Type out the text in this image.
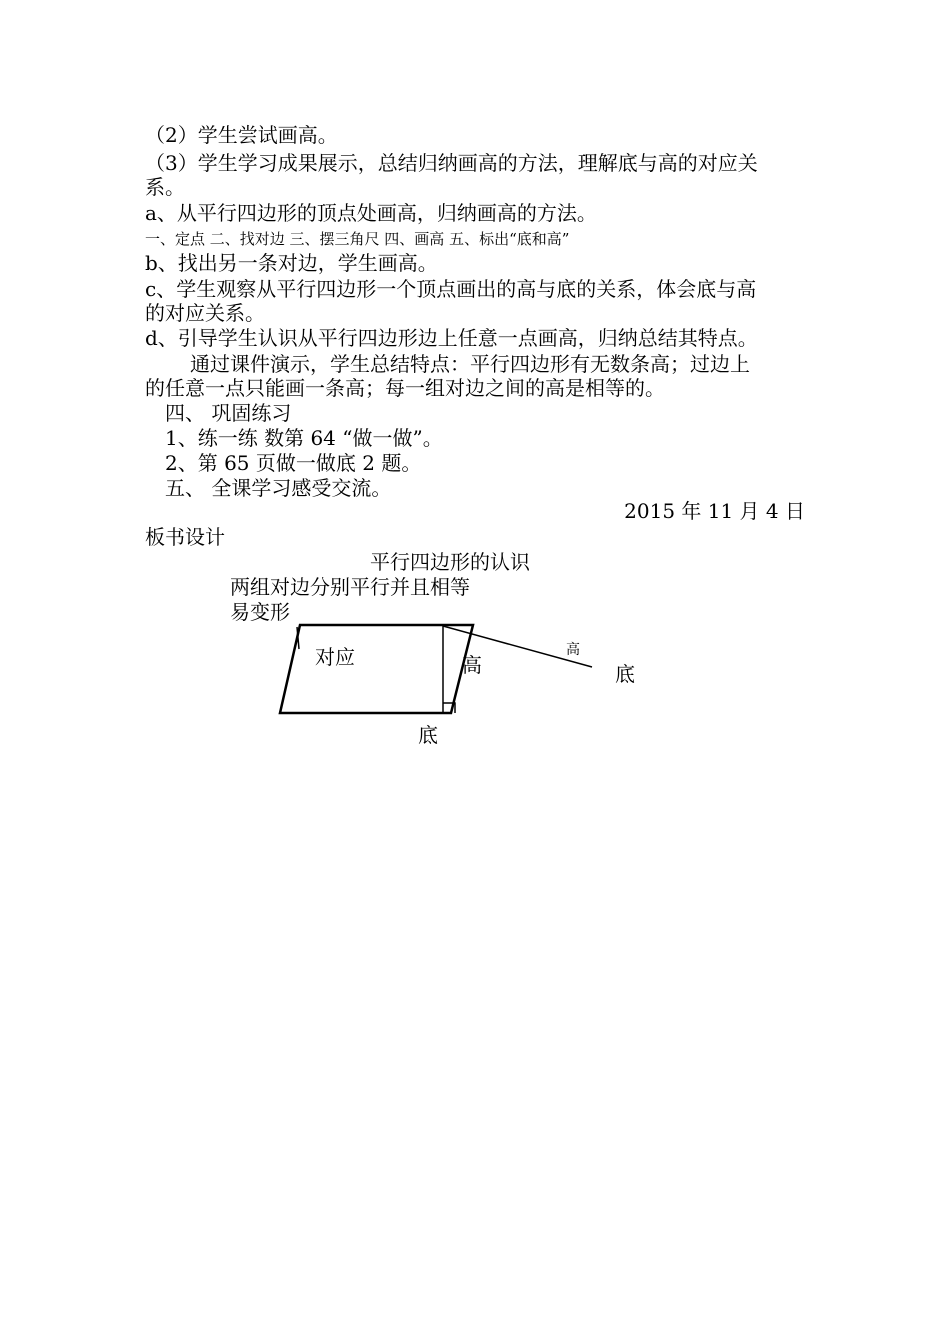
（2）学生尝试画高。
（3）学生学习成果展示，总结归纳画高的方法，理解底与高的对应关
系。
a、从平行四边形的顶点处画高，归纳画高的方法。
一、定点 二、找对边 三、摆三角尺 四、画高 五、标出“底和高”
b、找出另一条对边，学生画高。
c、学生观察从平行四边形一个顶点画出的高与底的关系，体会底与高
的对应关系。
d、引导学生认识从平行四边形边上任意一点画高，归纳总结其特点。
通过课件演示，学生总结特点：平行四边形有无数条高；过边上
的任意一点只能画一条高；每一组对边之间的高是相等的。
四、 巩固练习
1、练一练 数第 64 “做一做”。
2、第 65 页做一做底 2 题。
五、 全课学习感受交流。
2015 年 11 月 4 日
板书设计
平行四边形的认识
两组对边分别平行并且相等
易变形
对应	高
底
高
底
